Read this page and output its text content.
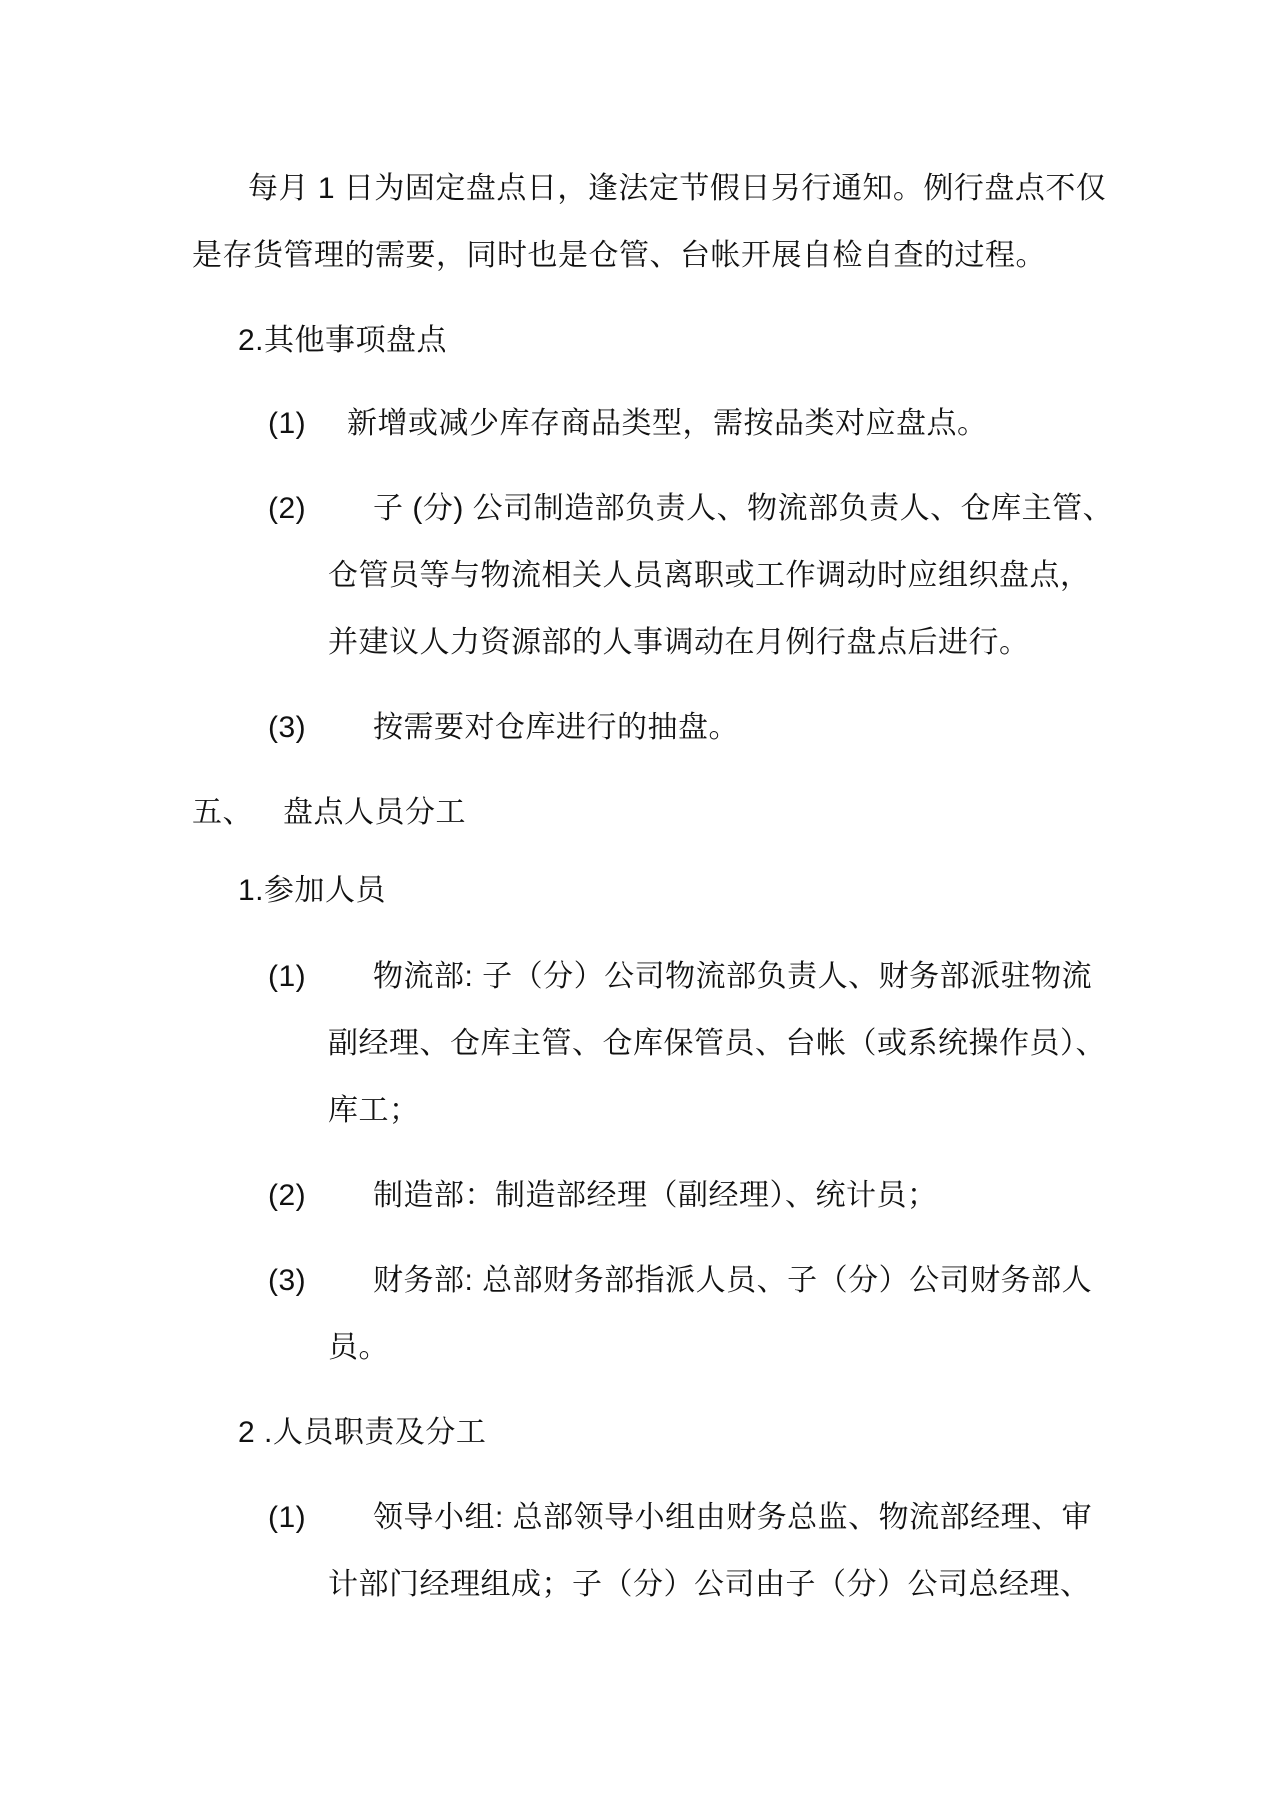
每月 1 日为固定盘点日，逢法定节假日另行通知。例行盘点不仅
是存货管理的需要，同时也是仓管、台帐开展自检自查的过程。
2.其他事项盘点
(1) 新增或减少库存商品类型，需按品类对应盘点。
(2) 子 (分) 公司制造部负责人、物流部负责人、仓库主管、
仓管员等与物流相关人员离职或工作调动时应组织盘点，
并建议人力资源部的人事调动在月例行盘点后进行。
(3) 按需要对仓库进行的抽盘。
五、 盘点人员分工
1.参加人员
(1) 物流部: 子（分）公司物流部负责人、财务部派驻物流
副经理、仓库主管、仓库保管员、台帐（或系统操作员）、
库工；
(2) 制造部：制造部经理（副经理）、统计员；
(3) 财务部: 总部财务部指派人员、子（分）公司财务部人
员。
2 .人员职责及分工
(1) 领导小组: 总部领导小组由财务总监、物流部经理、审
计部门经理组成；子（分）公司由子（分）公司总经理、
